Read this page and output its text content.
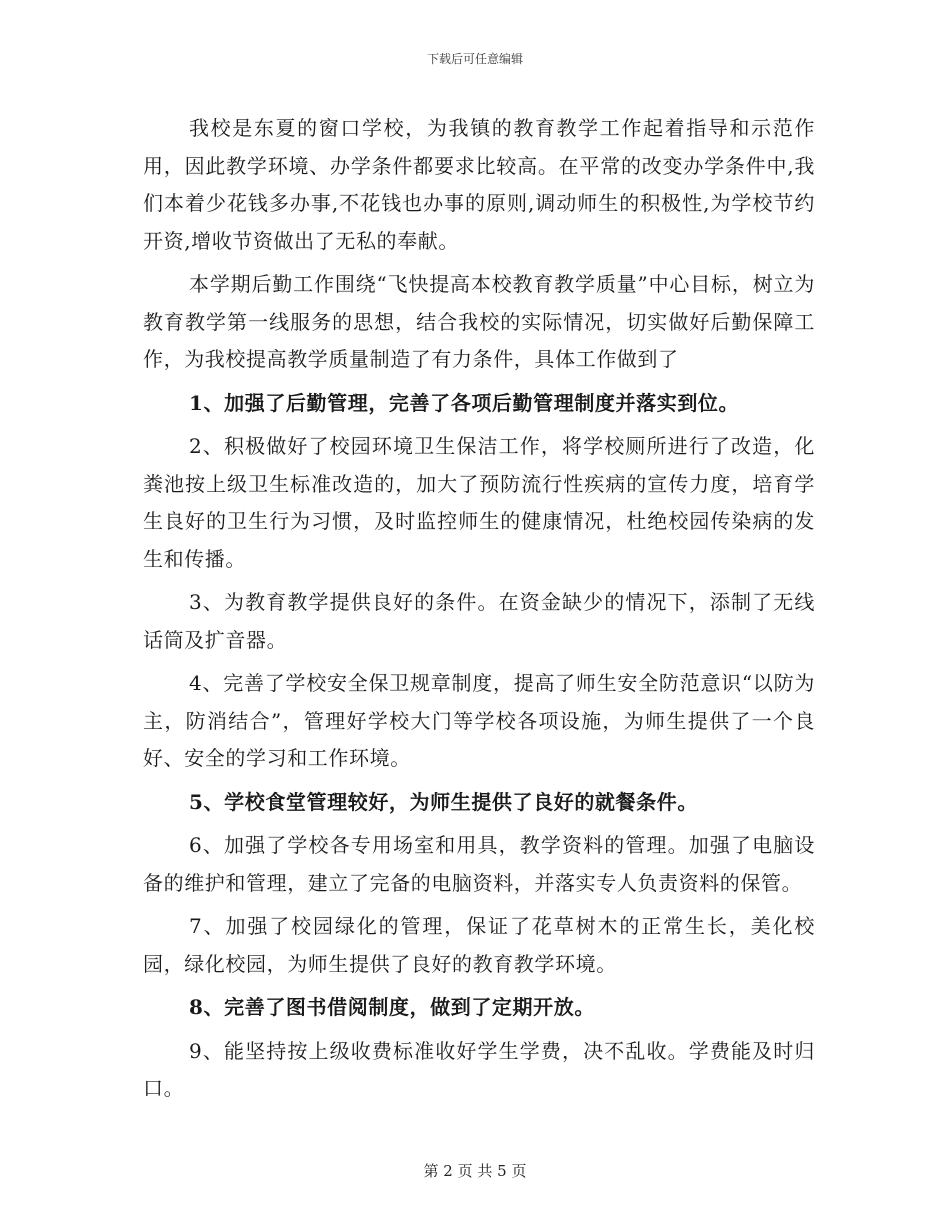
下载后可任意编辑

我校是东夏的窗口学校，为我镇的教育教学工作起着指导和示范作用，因此教学环境、办学条件都要求比较高。在平常的改变办学条件中,我们本着少花钱多办事,不花钱也办事的原则,调动师生的积极性,为学校节约开资,增收节资做出了无私的奉献。

本学期后勤工作围绕“飞快提高本校教育教学质量”中心目标，树立为教育教学第一线服务的思想，结合我校的实际情况，切实做好后勤保障工作，为我校提高教学质量制造了有力条件，具体工作做到了

1、加强了后勤管理，完善了各项后勤管理制度并落实到位。

2、积极做好了校园环境卫生保洁工作，将学校厕所进行了改造，化粪池按上级卫生标准改造的，加大了预防流行性疾病的宣传力度，培育学生良好的卫生行为习惯，及时监控师生的健康情况，杜绝校园传染病的发生和传播。

3、为教育教学提供良好的条件。在资金缺少的情况下，添制了无线话筒及扩音器。

4、完善了学校安全保卫规章制度，提高了师生安全防范意识“以防为主，防消结合”，管理好学校大门等学校各项设施，为师生提供了一个良好、安全的学习和工作环境。

5、学校食堂管理较好，为师生提供了良好的就餐条件。

6、加强了学校各专用场室和用具，教学资料的管理。加强了电脑设备的维护和管理，建立了完备的电脑资料，并落实专人负责资料的保管。

7、加强了校园绿化的管理，保证了花草树木的正常生长，美化校园，绿化校园，为师生提供了良好的教育教学环境。

8、完善了图书借阅制度，做到了定期开放。

9、能坚持按上级收费标准收好学生学费，决不乱收。学费能及时归口。

第 2 页 共 5 页
